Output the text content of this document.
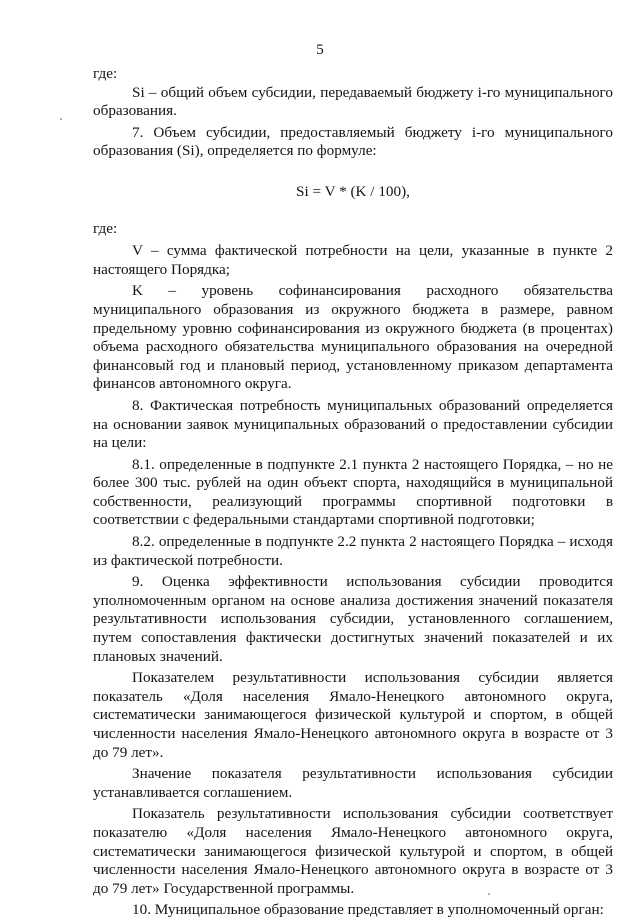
5

где:

Si – общий объем субсидии, передаваемый бюджету i-го муниципального образования.

7. Объем субсидии, предоставляемый бюджету i-го муниципального образования (Si), определяется по формуле:

Si = V * (K / 100),

где:

V – сумма фактической потребности на цели, указанные в пункте 2 настоящего Порядка;

K – уровень софинансирования расходного обязательства муниципального образования из окружного бюджета в размере, равном предельному уровню софинансирования из окружного бюджета (в процентах) объема расходного обязательства муниципального образования на очередной финансовый год и плановый период, установленному приказом департамента финансов автономного округа.

8. Фактическая потребность муниципальных образований определяется на основании заявок муниципальных образований о предоставлении субсидии на цели:

8.1. определенные в подпункте 2.1 пункта 2 настоящего Порядка, – но не более 300 тыс. рублей на один объект спорта, находящийся в муниципальной собственности, реализующий программы спортивной подготовки в соответствии с федеральными стандартами спортивной подготовки;

8.2. определенные в подпункте 2.2 пункта 2 настоящего Порядка – исходя из фактической потребности.

9. Оценка эффективности использования субсидии проводится уполномоченным органом на основе анализа достижения значений показателя результативности использования субсидии, установленного соглашением, путем сопоставления фактически достигнутых значений показателей и их плановых значений.

Показателем результативности использования субсидии является показатель «Доля населения Ямало-Ненецкого автономного округа, систематически занимающегося физической культурой и спортом, в общей численности населения Ямало-Ненецкого автономного округа в возрасте от 3 до 79 лет».

Значение показателя результативности использования субсидии устанавливается соглашением.

Показатель результативности использования субсидии соответствует показателю «Доля населения Ямало-Ненецкого автономного округа, систематически занимающегося физической культурой и спортом, в общей численности населения Ямало-Ненецкого автономного округа в возрасте от 3 до 79 лет» Государственной программы.

10. Муниципальное образование представляет в уполномоченный орган:
